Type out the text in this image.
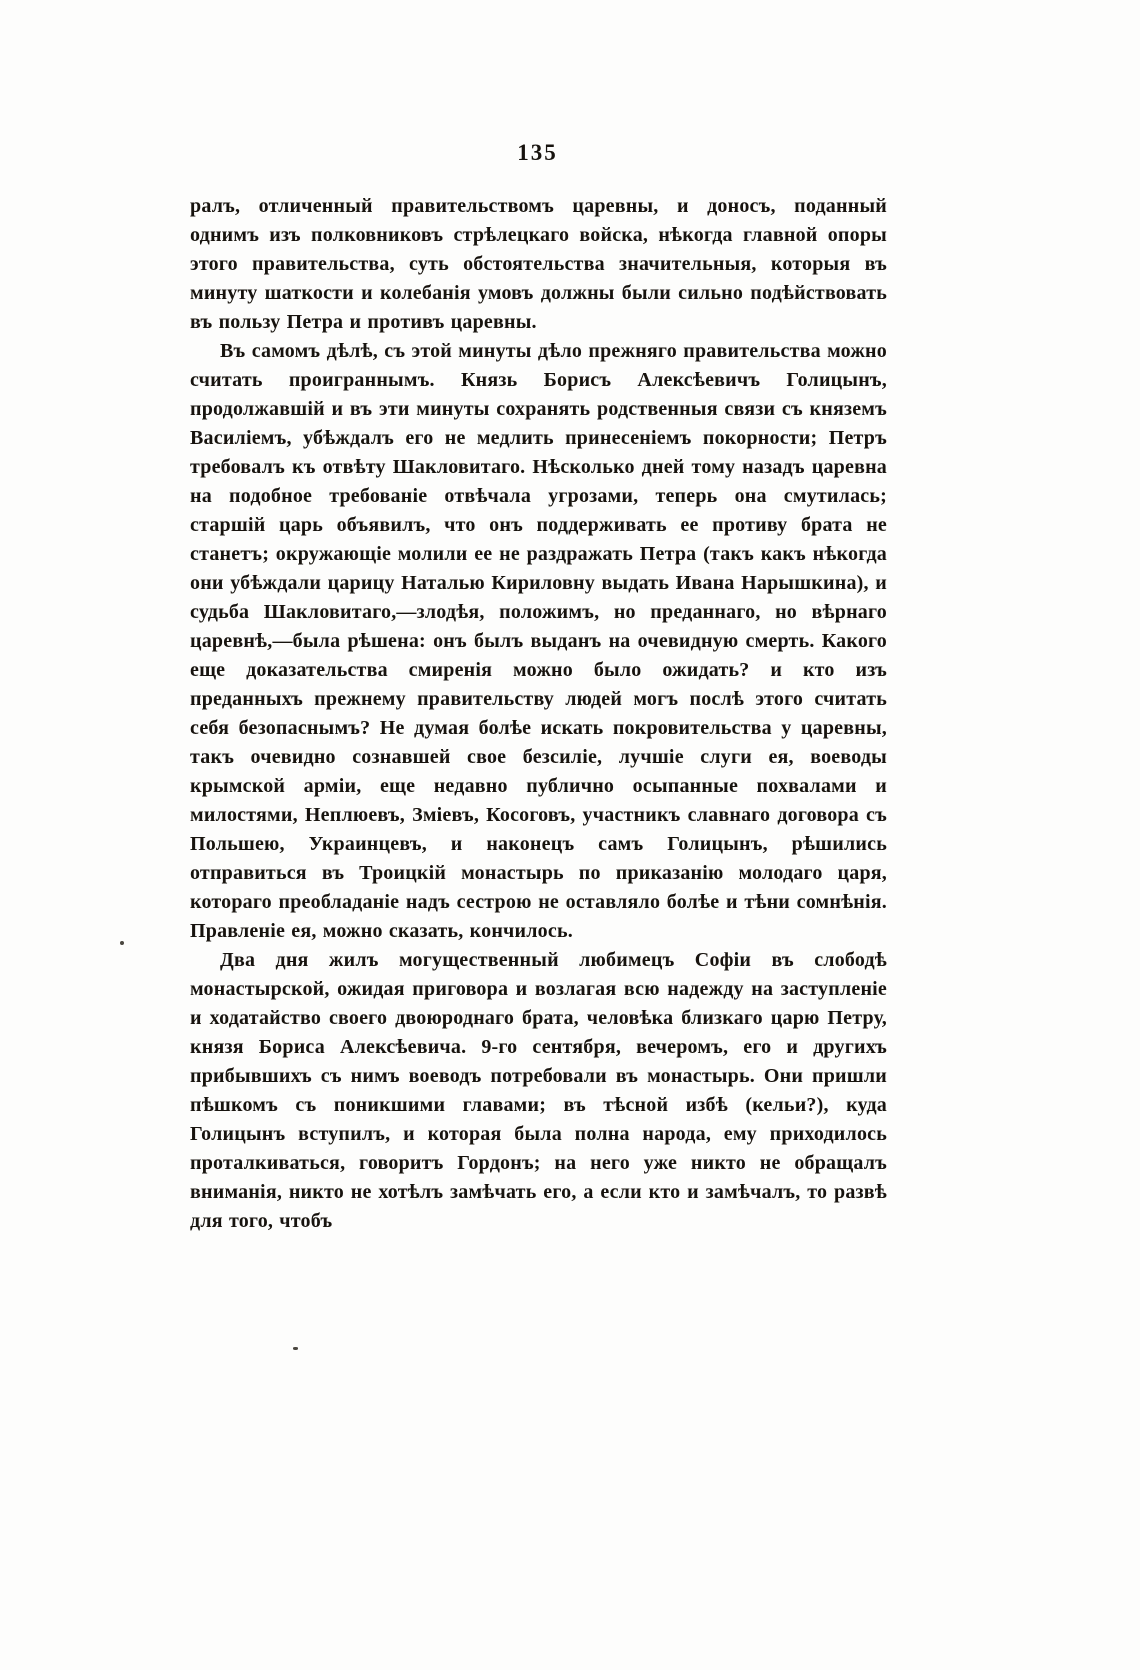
135

ралъ, отличенный правительствомъ царевны, и доносъ, поданный однимъ изъ полковниковъ стрѣлецкаго войска, нѣкогда главной опоры этого правительства, суть обстоятельства значительныя, которыя въ минуту шаткости и колебанія умовъ должны были сильно подѣйствовать въ пользу Петра и противъ царевны.

Въ самомъ дѣлѣ, съ этой минуты дѣло прежняго правительства можно считать проиграннымъ. Князь Борисъ Алексѣевичъ Голицынъ, продолжавшій и въ эти минуты сохранять родственныя связи съ княземъ Василіемъ, убѣждалъ его не медлить принесеніемъ покорности; Петръ требовалъ къ отвѣту Шакловитаго. Нѣсколько дней тому назадъ царевна на подобное требованіе отвѣчала угрозами, теперь она смутилась; старшій царь объявилъ, что онъ поддерживать ее противу брата не станетъ; окружающіе молили ее не раздражать Петра (такъ какъ нѣкогда они убѣждали царицу Наталью Кириловну выдать Ивана Нарышкина), и судьба Шакловитаго,—злодѣя, положимъ, но преданнаго, но вѣрнаго царевнѣ,—была рѣшена: онъ былъ выданъ на очевидную смерть. Какого еще доказательства смиренія можно было ожидать? и кто изъ преданныхъ прежнему правительству людей могъ послѣ этого считать себя безопаснымъ? Не думая болѣе искать покровительства у царевны, такъ очевидно сознавшей свое безсиліе, лучшіе слуги ея, воеводы крымской арміи, еще недавно публично осыпанные похвалами и милостями, Неплюевъ, Зміевъ, Косоговъ, участникъ славнаго договора съ Польшею, Украинцевъ, и наконецъ самъ Голицынъ, рѣшились отправиться въ Троицкій монастырь по приказанію молодаго царя, котораго преобладаніе надъ сестрою не оставляло болѣе и тѣни сомнѣнія. Правленіе ея, можно сказать, кончилось.

Два дня жилъ могущественный любимецъ Софіи въ слободѣ монастырской, ожидая приговора и возлагая всю надежду на заступленіе и ходатайство своего двоюроднаго брата, человѣка близкаго царю Петру, князя Бориса Алексѣевича. 9-го сентября, вечеромъ, его и другихъ прибывшихъ съ нимъ воеводъ потребовали въ монастырь. Они пришли пѣшкомъ съ поникшими главами; въ тѣсной избѣ (кельи?), куда Голицынъ вступилъ, и которая была полна народа, ему приходилось проталкиваться, говоритъ Гордонъ; на него уже никто не обращалъ вниманія, никто не хотѣлъ замѣчать его, а если кто и замѣчалъ, то развѣ для того, чтобъ
